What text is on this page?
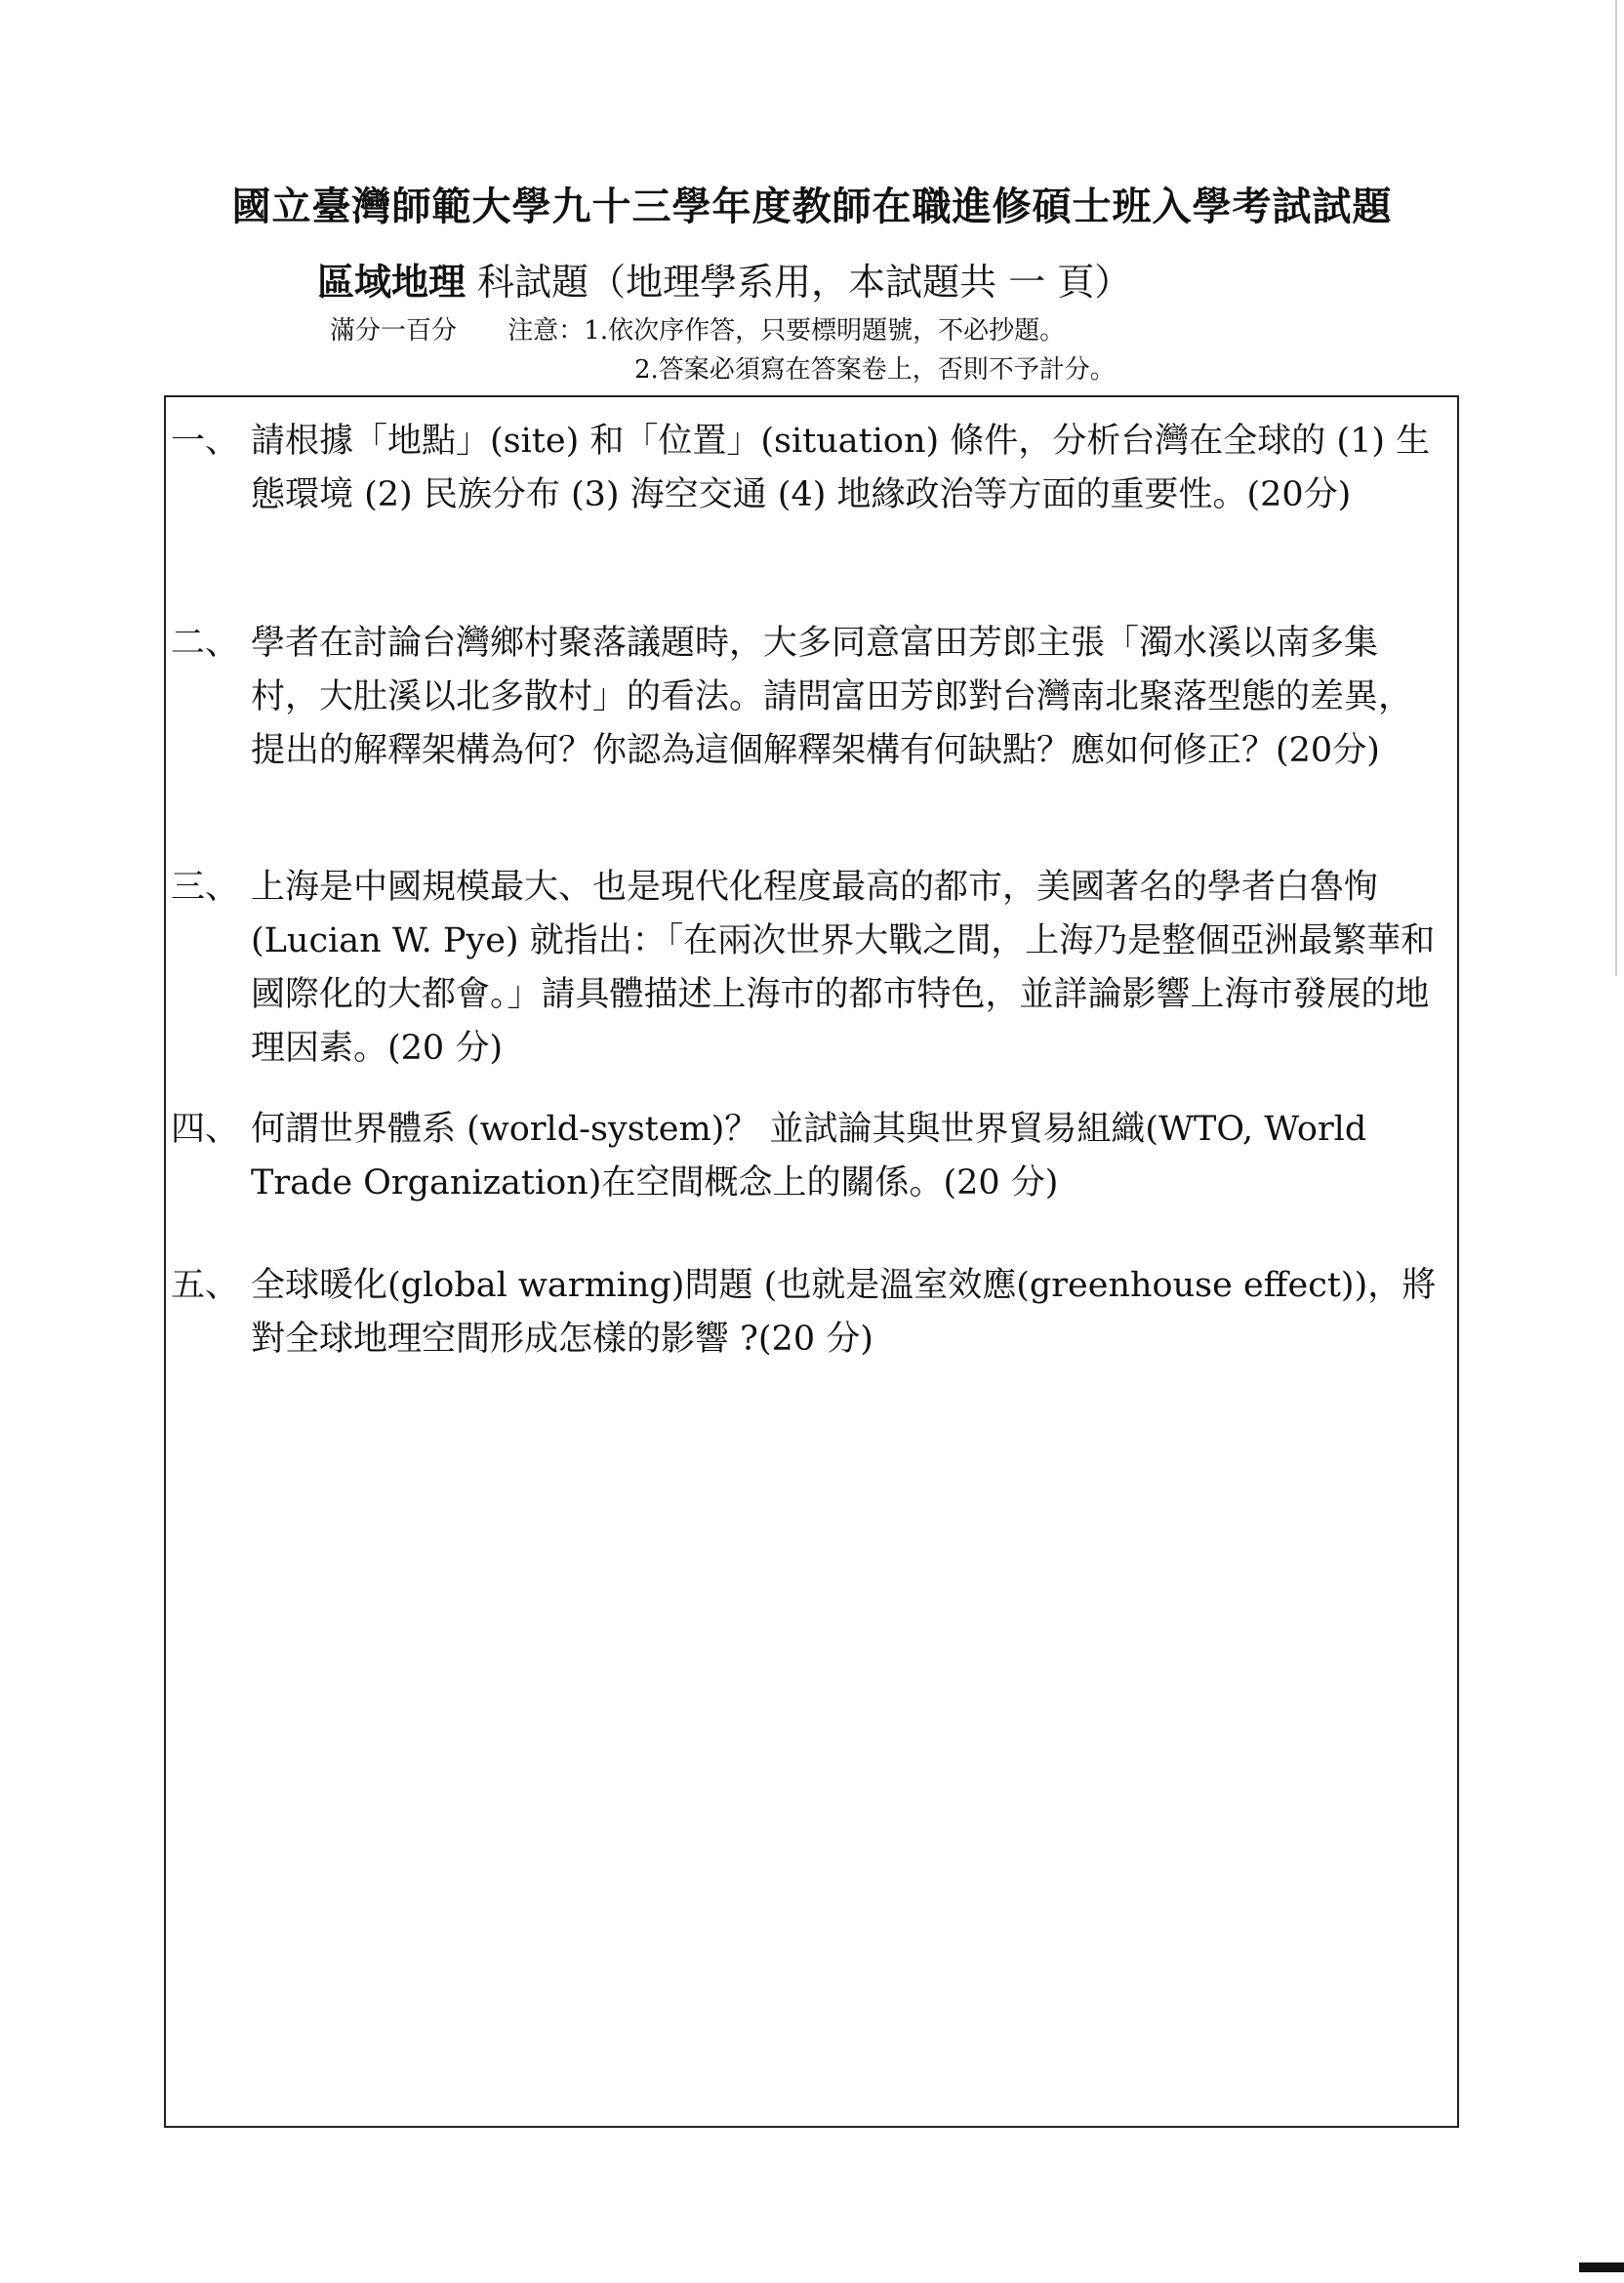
國立臺灣師範大學九十三學年度教師在職進修碩士班入學考試試題
區域地理 科試題（地理學系用，本試題共 一 頁）
滿分一百分 注意：1.依次序作答，只要標明題號，不必抄題。
2.答案必須寫在答案卷上，否則不予計分。
一、 請根據「地點」(site) 和「位置」(situation) 條件，分析台灣在全球的 (1) 生態環境 (2) 民族分布 (3) 海空交通 (4) 地緣政治等方面的重要性。(20分)
二、 學者在討論台灣鄉村聚落議題時，大多同意富田芳郎主張「濁水溪以南多集村，大肚溪以北多散村」的看法。請問富田芳郎對台灣南北聚落型態的差異，提出的解釋架構為何？你認為這個解釋架構有何缺點？應如何修正？(20分)
三、 上海是中國規模最大、也是現代化程度最高的都市，美國著名的學者白魯恂 (Lucian W. Pye) 就指出：「在兩次世界大戰之間，上海乃是整個亞洲最繁華和國際化的大都會。」請具體描述上海市的都市特色，並詳論影響上海市發展的地理因素。(20 分)
四、 何謂世界體系 (world-system)？ 並試論其與世界貿易組織(WTO, World Trade Organization)在空間概念上的關係。(20 分)
五、 全球暖化(global warming)問題 (也就是溫室效應(greenhouse effect))，將對全球地理空間形成怎樣的影響 ?(20 分)
